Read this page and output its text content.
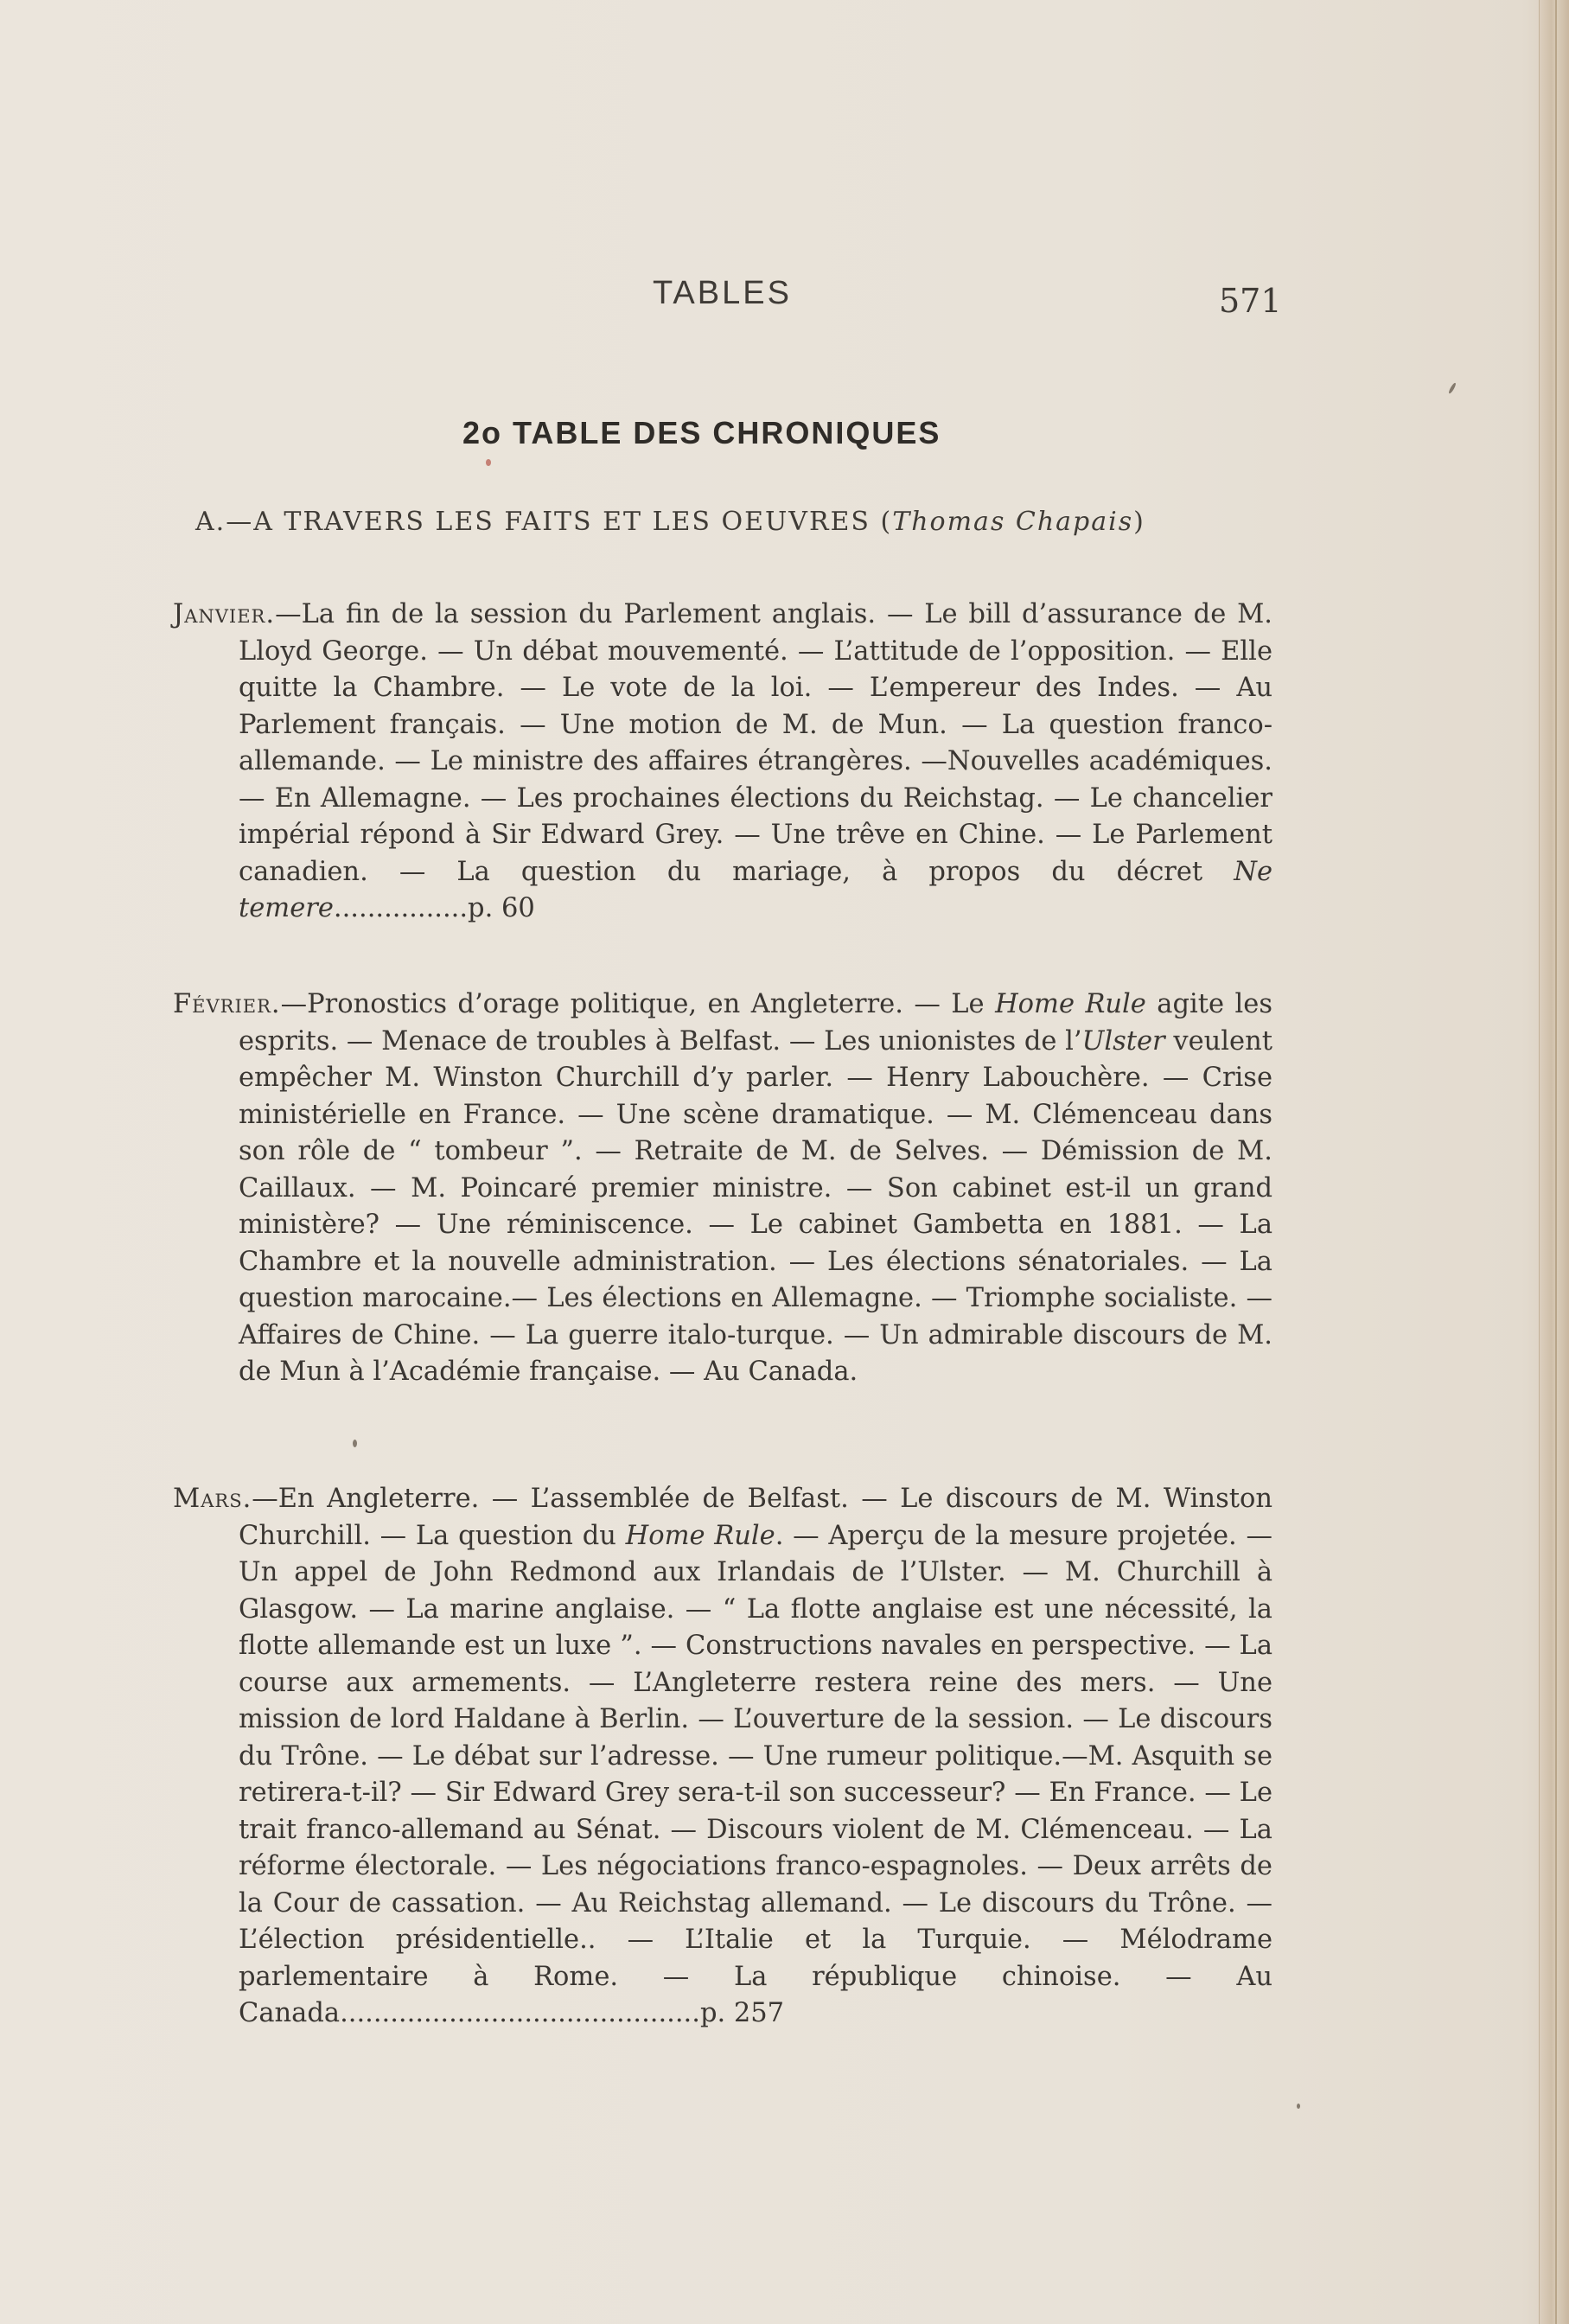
TABLES	571
2o TABLE DES CHRONIQUES
A.—A TRAVERS LES FAITS ET LES OEUVRES (Thomas Chapais)
Janvier.—La fin de la session du Parlement anglais. — Le bill d’assurance de M. Lloyd George. — Un débat mouvementé. — L’attitude de l’opposition. — Elle quitte la Chambre. — Le vote de la loi. — L’empereur des Indes. — Au Parlement français. — Une motion de M. de Mun. — La question franco-allemande. — Le ministre des affaires étrangères. —Nouvelles académiques. — En Allemagne. — Les prochaines élections du Reichstag. — Le chancelier impérial répond à Sir Edward Grey. — Une trêve en Chine. — Le Parlement canadien. — La question du mariage, à propos du décret Ne temere................p. 60
Février.—Pronostics d’orage politique, en Angleterre. — Le Home Rule agite les esprits. — Menace de troubles à Belfast. — Les unionistes de l’Ulster veulent empêcher M. Winston Churchill d’y parler. — Henry Labouchère. — Crise ministérielle en France. — Une scène dramatique. — M. Clémenceau dans son rôle de “ tombeur ”. — Retraite de M. de Selves. — Démission de M. Caillaux. — M. Poincaré premier ministre. — Son cabinet est-il un grand ministère? — Une réminiscence. — Le cabinet Gambetta en 1881. — La Chambre et la nouvelle administration. — Les élections sénatoriales. — La question marocaine.— Les élections en Allemagne. — Triomphe socialiste. — Affaires de Chine. — La guerre italo-turque. — Un admirable discours de M. de Mun à l’Académie française. — Au Canada.
Mars.—En Angleterre. — L’assemblée de Belfast. — Le discours de M. Winston Churchill. — La question du Home Rule. — Aperçu de la mesure projetée. — Un appel de John Redmond aux Irlandais de l’Ulster. — M. Churchill à Glasgow. — La marine anglaise. — “ La flotte anglaise est une nécessité, la flotte allemande est un luxe ”. — Constructions navales en perspective. — La course aux armements. — L’Angleterre restera reine des mers. — Une mission de lord Haldane à Berlin. — L’ouverture de la session. — Le discours du Trône. — Le débat sur l’adresse. — Une rumeur politique.—M. Asquith se retirera-t-il? — Sir Edward Grey sera-t-il son successeur? — En France. — Le trait franco-allemand au Sénat. — Discours violent de M. Clémenceau. — La réforme électorale. — Les négociations franco-espagnoles. — Deux arrêts de la Cour de cassation. — Au Reichstag allemand. — Le discours du Trône. — L’élection présidentielle.. — L’Italie et la Turquie. — Mélodrame parlementaire à Rome. — La république chinoise. — Au Canada...........................................p. 257
